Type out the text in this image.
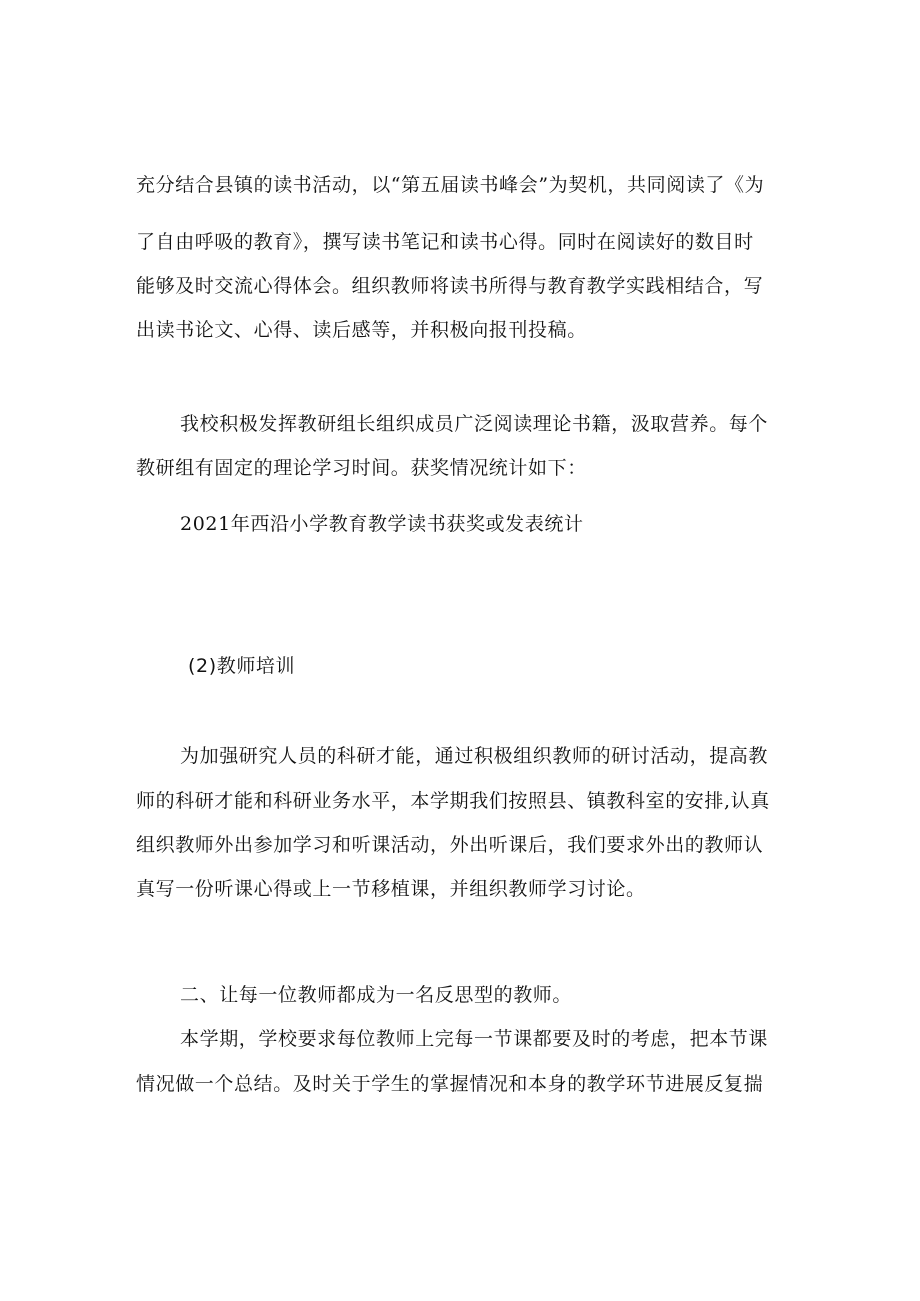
充分结合县镇的读书活动，以“第五届读书峰会”为契机，共同阅读了《为
了自由呼吸的教育》，撰写读书笔记和读书心得。同时在阅读好的数目时
能够及时交流心得体会。组织教师将读书所得与教育教学实践相结合，写
出读书论文、心得、读后感等，并积极向报刊投稿。
我校积极发挥教研组长组织成员广泛阅读理论书籍，汲取营养。每个
教研组有固定的理论学习时间。获奖情况统计如下：
2021年西沿小学教育教学读书获奖或发表统计
(2)教师培训
为加强研究人员的科研才能，通过积极组织教师的研讨活动，提高教
师的科研才能和科研业务水平，本学期我们按照县、镇教科室的安排,认真
组织教师外出参加学习和听课活动，外出听课后，我们要求外出的教师认
真写一份听课心得或上一节移植课，并组织教师学习讨论。
二、让每一位教师都成为一名反思型的教师。
本学期，学校要求每位教师上完每一节课都要及时的考虑，把本节课
情况做一个总结。及时关于学生的掌握情况和本身的教学环节进展反复揣
